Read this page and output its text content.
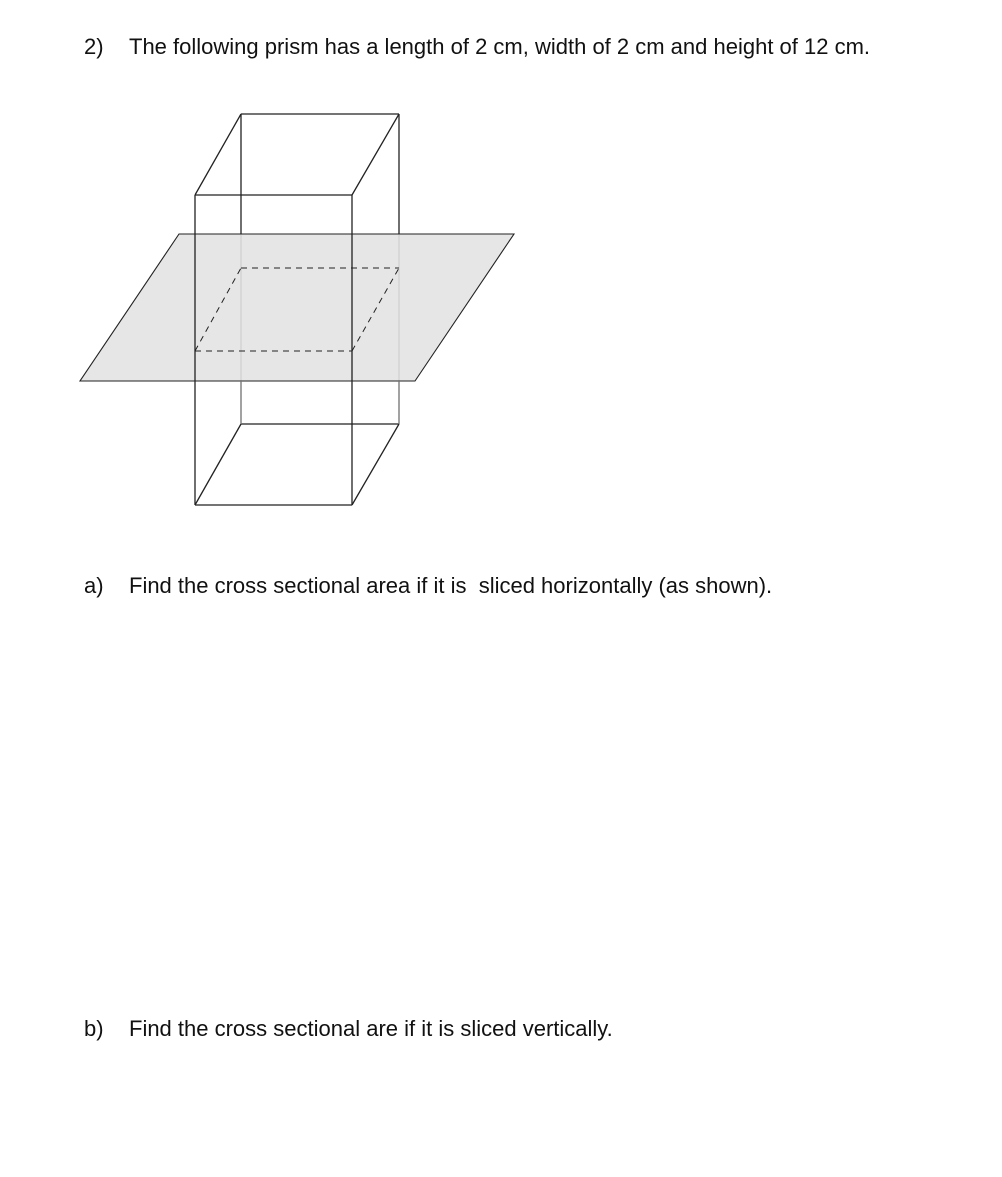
2) The following prism has a length of 2 cm, width of 2 cm and height of 12 cm.
a) Find the cross sectional area if it is  sliced horizontally (as shown).
b) Find the cross sectional are if it is sliced vertically.
